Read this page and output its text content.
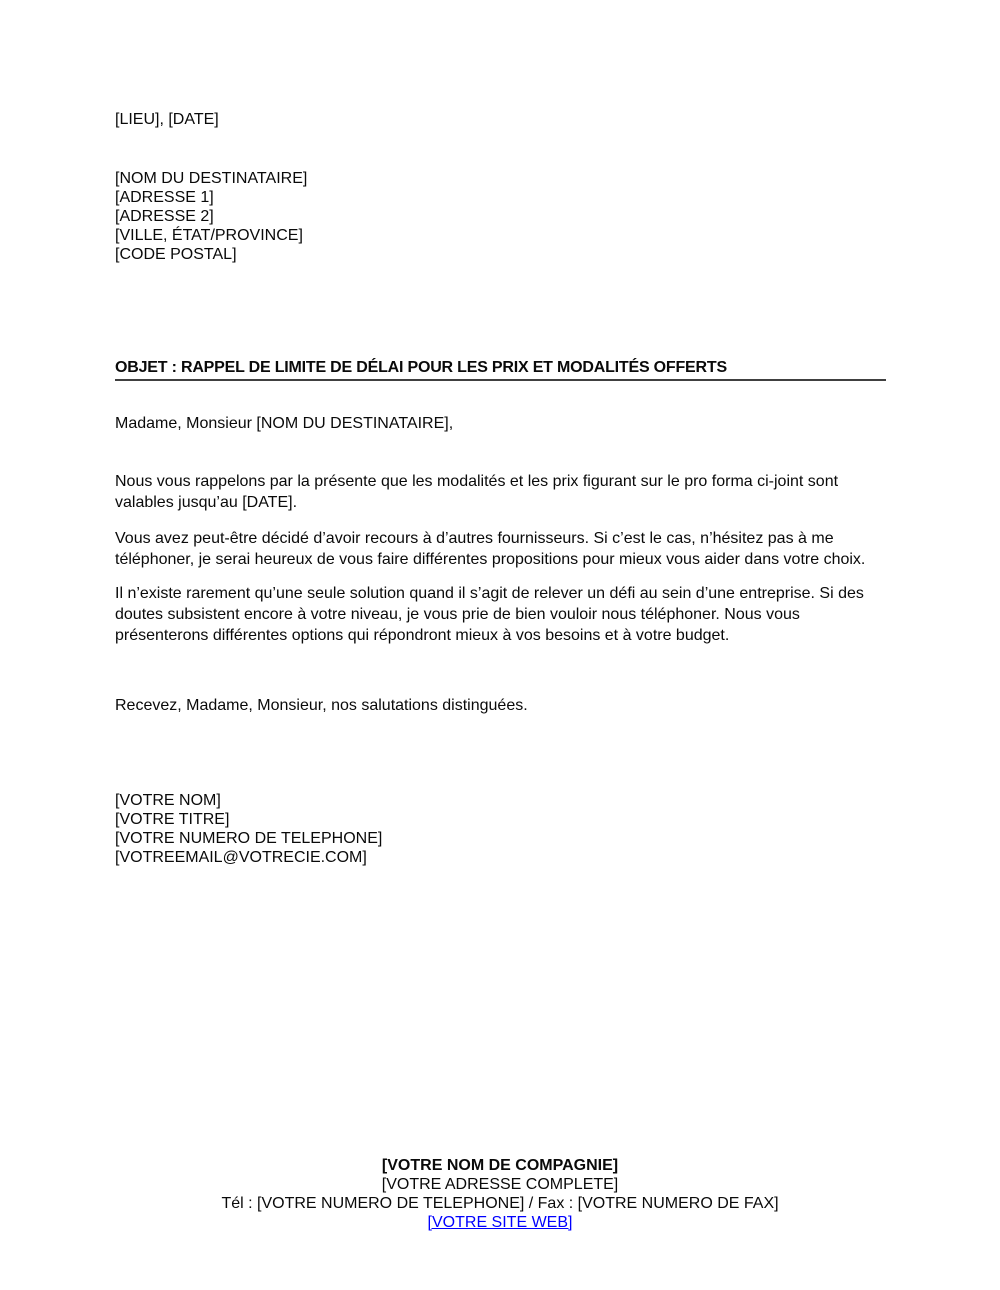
[LIEU], [DATE]
[NOM DU DESTINATAIRE]
[ADRESSE 1]
[ADRESSE 2]
[VILLE, ÉTAT/PROVINCE]
[CODE POSTAL]
OBJET : RAPPEL DE LIMITE DE DÉLAI POUR LES PRIX ET MODALITÉS OFFERTS
Madame, Monsieur [NOM DU DESTINATAIRE],
Nous vous rappelons par la présente que les modalités et les prix figurant sur le pro forma ci-joint sont valables jusqu’au [DATE].
Vous avez peut-être décidé d’avoir recours à d’autres fournisseurs. Si c’est le cas, n’hésitez pas à me téléphoner, je serai heureux de vous faire différentes propositions pour mieux vous aider dans votre choix.
Il n’existe rarement qu’une seule solution quand il s’agit de relever un défi au sein d’une entreprise. Si des doutes subsistent encore à votre niveau, je vous prie de bien vouloir nous téléphoner. Nous vous présenterons différentes options qui répondront mieux à vos besoins et à votre budget.
Recevez, Madame, Monsieur, nos salutations distinguées.
[VOTRE NOM]
[VOTRE TITRE]
[VOTRE NUMERO DE TELEPHONE]
[VOTREEMAIL@VOTRECIE.COM]
[VOTRE NOM DE COMPAGNIE]
[VOTRE ADRESSE COMPLETE]
Tél : [VOTRE NUMERO DE TELEPHONE] / Fax : [VOTRE NUMERO DE FAX]
[VOTRE SITE WEB]
